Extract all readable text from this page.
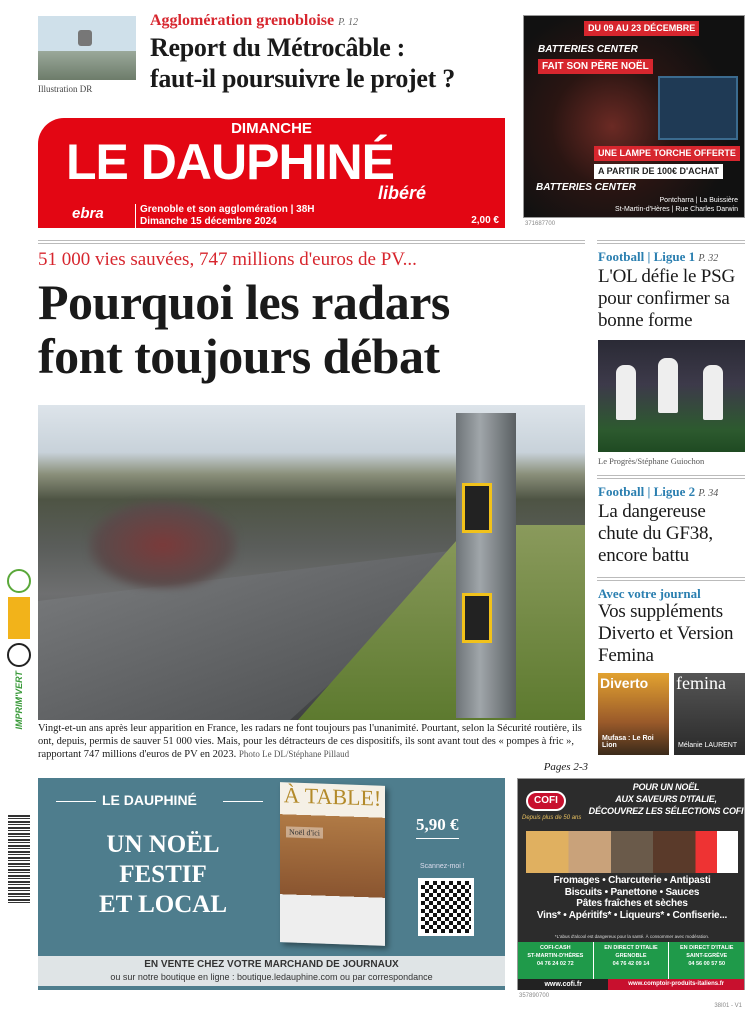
Illustration DR
Agglomération grenobloise P. 12
Report du Métrocâble :
faut-il poursuivre le projet ?
DIMANCHE
LE DAUPHINÉ
libéré
ebra	Grenoble et son agglomération | 38H
Dimanche 15 décembre 2024	2,00 €
DU 09 AU 23 DÉCEMBRE
BATTERIES CENTER
FAIT SON PÈRE NOËL
UNE LAMPE TORCHE OFFERTE
A PARTIR DE 100€ D'ACHAT
BATTERIES CENTER
Pontcharra | La Buissière
St-Martin-d'Hères | Rue Charles Darwin
371687700
51 000 vies sauvées, 747 millions d'euros de PV...
Pourquoi les radars
font toujours débat
Vingt-et-un ans après leur apparition en France, les radars ne font toujours pas l'unanimité. Pourtant, selon la Sécurité routière, ils ont, depuis, permis de sauver 51 000 vies. Mais, pour les détracteurs de ces dispositifs, ils sont avant tout des « pompes à fric », rapportant 747 millions d'euros de PV en 2023. Photo Le DL/Stéphane Pillaud
Pages 2-3
Football | Ligue 1 P. 32
L'OL défie le PSG pour confirmer sa bonne forme
Le Progrès/Stéphane Guiochon
Football | Ligue 2 P. 34
La dangereuse chute du GF38, encore battu
Avec votre journal
Vos suppléments Diverto et Version Femina
Diverto
Mufasa : Le Roi Lion
femina
Mélanie LAURENT
IMPRIM'VERT
LE DAUPHINÉ
UN NOËL
FESTIF
ET LOCAL
À TABLE!
Noël d'ici	5,90 €
Scannez-moi !
EN VENTE CHEZ VOTRE MARCHAND DE JOURNAUX
ou sur notre boutique en ligne : boutique.ledauphine.com ou par correspondance
COFI
Depuis plus de 50 ans
POUR UN NOËL
AUX SAVEURS D'ITALIE,
DÉCOUVREZ LES SÉLECTIONS COFI
Fromages • Charcuterie • Antipasti
Biscuits • Panettone • Sauces
Pâtes fraîches et sèches
Vins* • Apéritifs* • Liqueurs* • Confiserie...
*L'abus d'alcool est dangereux pour la santé. À consommer avec modération.
COFI-CASH
ST-MARTIN-D'HÈRES
04 76 24 02 72
EN DIRECT D'ITALIE
GRENOBLE
04 76 42 09 14
EN DIRECT D'ITALIE
SAINT-EGRÈVE
04 56 00 57 50
www.cofi.fr	www.comptoir-produits-italiens.fr
357890700
38I01 - V1
